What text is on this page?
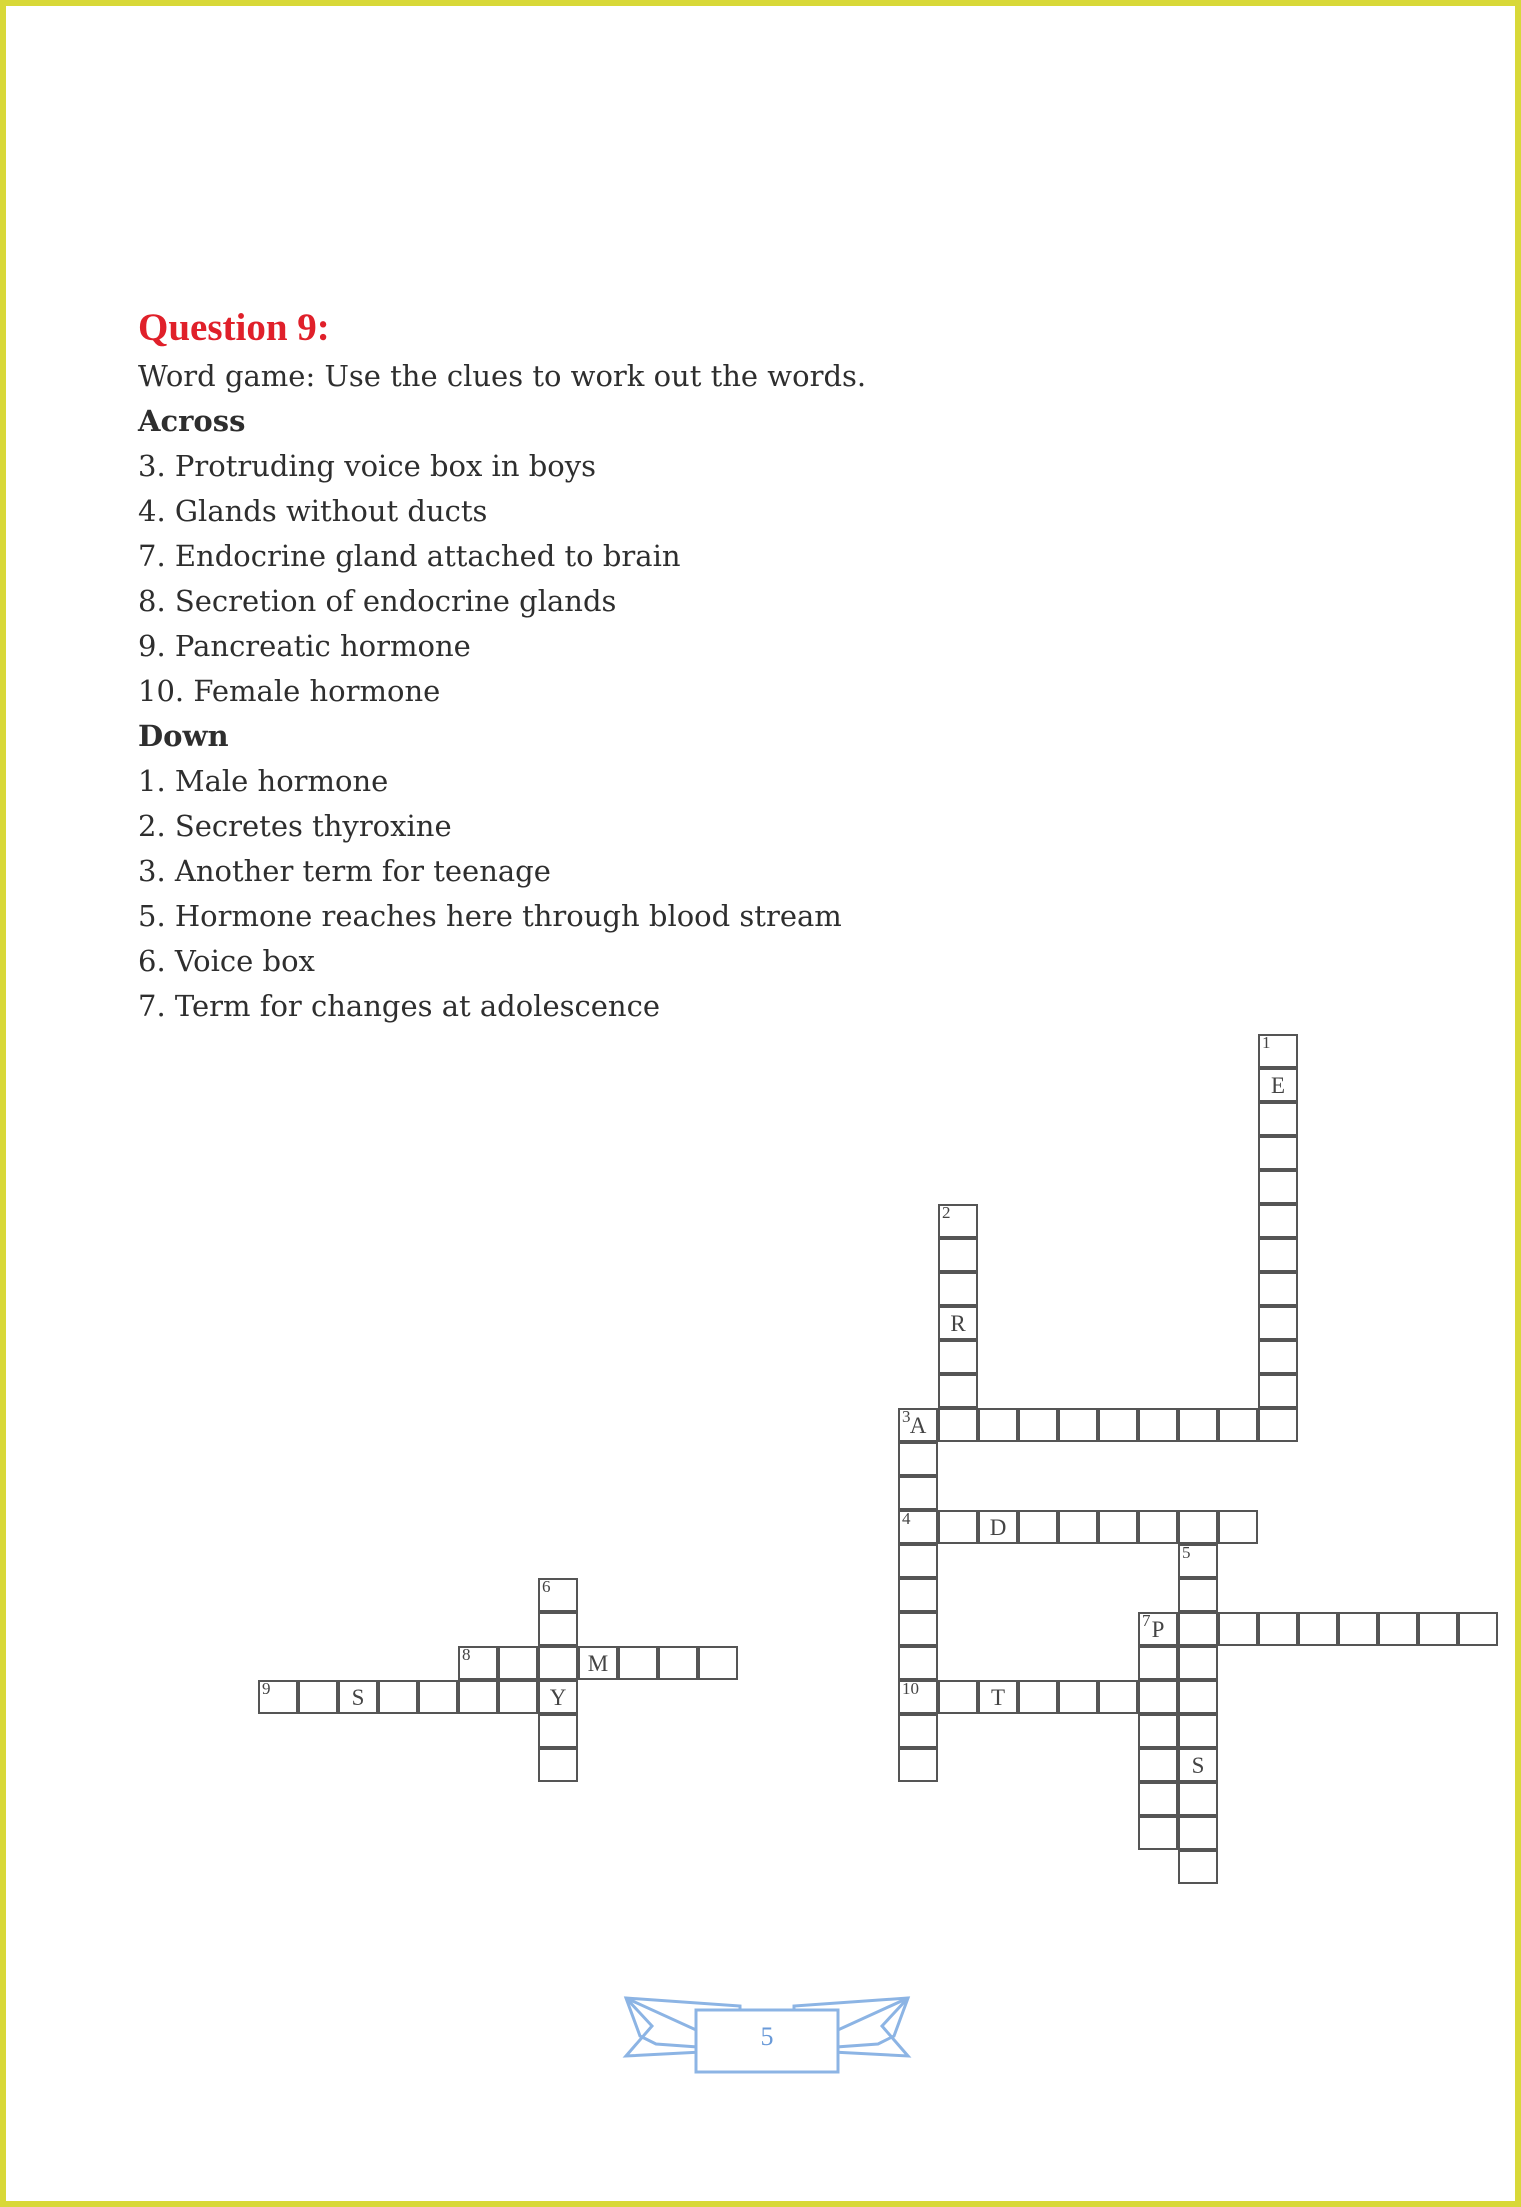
Question 9:
Word game: Use the clues to work out the words.
Across
3. Protruding voice box in boys
4. Glands without ducts
7. Endocrine gland attached to brain
8. Secretion of endocrine glands
9. Pancreatic hormone
10. Female hormone
Down
1. Male hormone
2. Secretes thyroxine
3. Another term for teenage
5. Hormone reaches here through blood stream
6. Voice box
7. Term for changes at adolescence
1
E
2
R
3 A
4
10
D
5
S
6
Y
7 P
8	M
9	S	T
5
